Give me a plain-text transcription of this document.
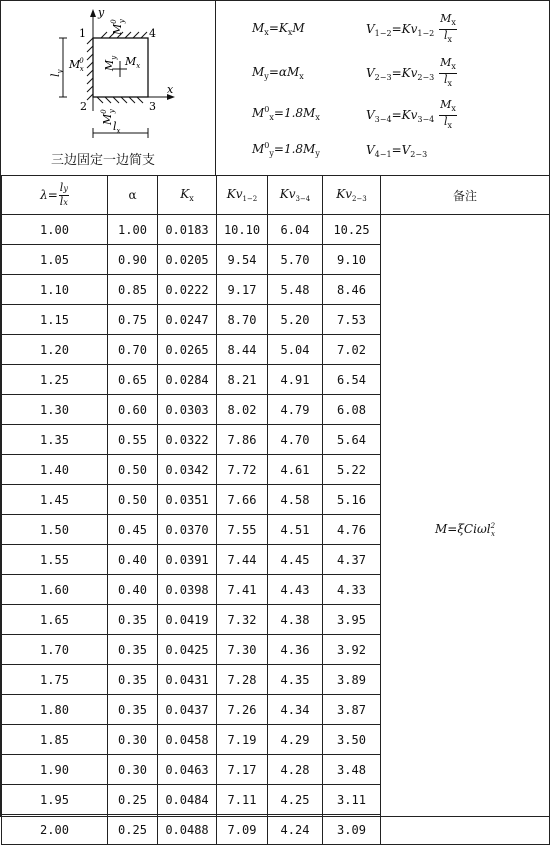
y
x
1	4
2	3
M0 x
$M_x$
$M_y$
$M^0y$
$M^0y$
$l_y$
$l_x$
三边固定一边简支
$M_x=K_xM$
$M_y=\alpha M_x$
$M^0_x=1.8M_x$
$M^0_y=1.8M_y$
$V_{1-2}=Kv_{1-2} \frac{M_x}{l_x}$
$V_{2-3}=Kv_{2-3} \frac{M_x}{l_x}$
$V_{3-4}=Kv_{3-4} \frac{M_x}{l_x}$
$V_{4-1}=V_{2-3}$
$\lambda= \frac{ly}{lx}$	α	$K_x$	$Kv_{1-2}$	$Kv_{3-4}$	$Kv_{2-3}$	备注
1.00	1.00	0.0183	10.10	6.04	10.25	M=ξCiωl$^2_x$
1.05	0.90	0.0205	9.54	5.70	9.10	
1.10	0.85	0.0222	9.17	5.48	8.46	
1.15	0.75	0.0247	8.70	5.20	7.53	
1.20	0.70	0.0265	8.44	5.04	7.02	
1.25	0.65	0.0284	8.21	4.91	6.54	
1.30	0.60	0.0303	8.02	4.79	6.08	
1.35	0.55	0.0322	7.86	4.70	5.64	
1.40	0.50	0.0342	7.72	4.61	5.22	
1.45	0.50	0.0351	7.66	4.58	5.16	
1.50	0.45	0.0370	7.55	4.51	4.76	
1.55	0.40	0.0391	7.44	4.45	4.37	
1.60	0.40	0.0398	7.41	4.43	4.33	
1.65	0.35	0.0419	7.32	4.38	3.95	
1.70	0.35	0.0425	7.30	4.36	3.92	
1.75	0.35	0.0431	7.28	4.35	3.89	
1.80	0.35	0.0437	7.26	4.34	3.87	
1.85	0.30	0.0458	7.19	4.29	3.50	
1.90	0.30	0.0463	7.17	4.28	3.48	
1.95	0.25	0.0484	7.11	4.25	3.11	
2.00	0.25	0.0488	7.09	4.24	3.09	
